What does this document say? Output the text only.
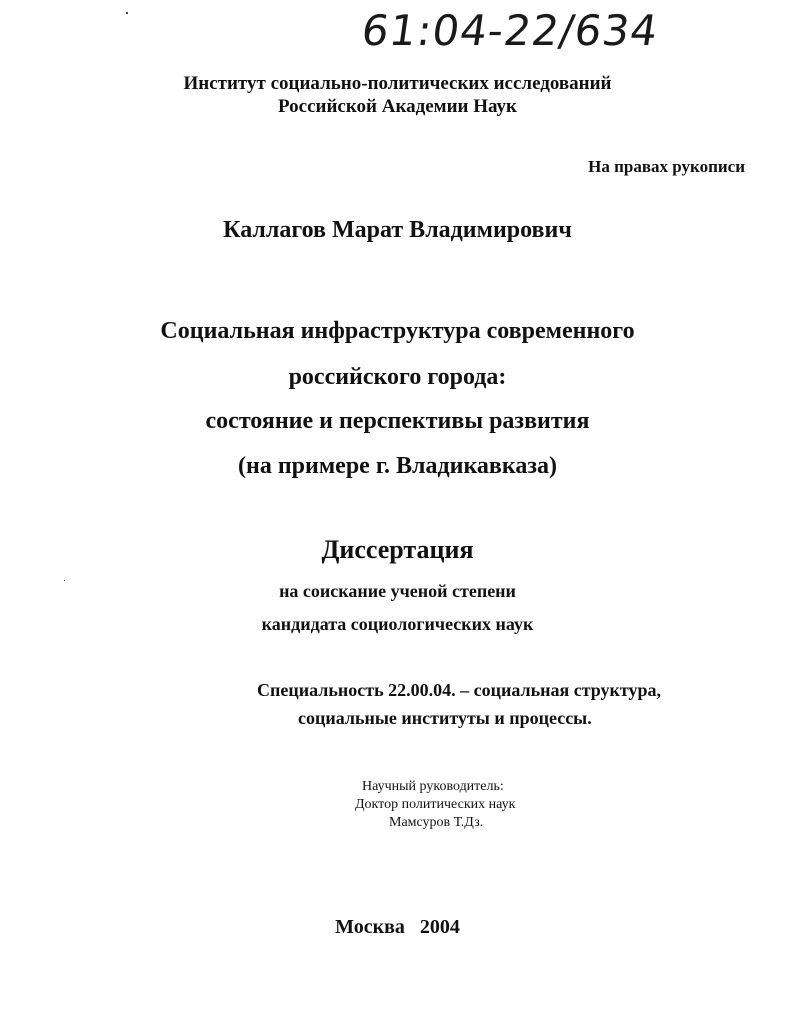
61:04-22/634
Институт социально-политических исследований
Российской Академии Наук
На правах рукописи
Каллагов Марат Владимирович
Социальная инфраструктура современного
российского города:
состояние и перспективы развития
(на примере г. Владикавказа)
Диссертация
на соискание ученой степени
кандидата социологических наук
Специальность 22.00.04. – социальная структура,
социальные институты и процессы.
Научный руководитель:
Доктор политических наук
Мамсуров Т.Дз.
Москва   2004
